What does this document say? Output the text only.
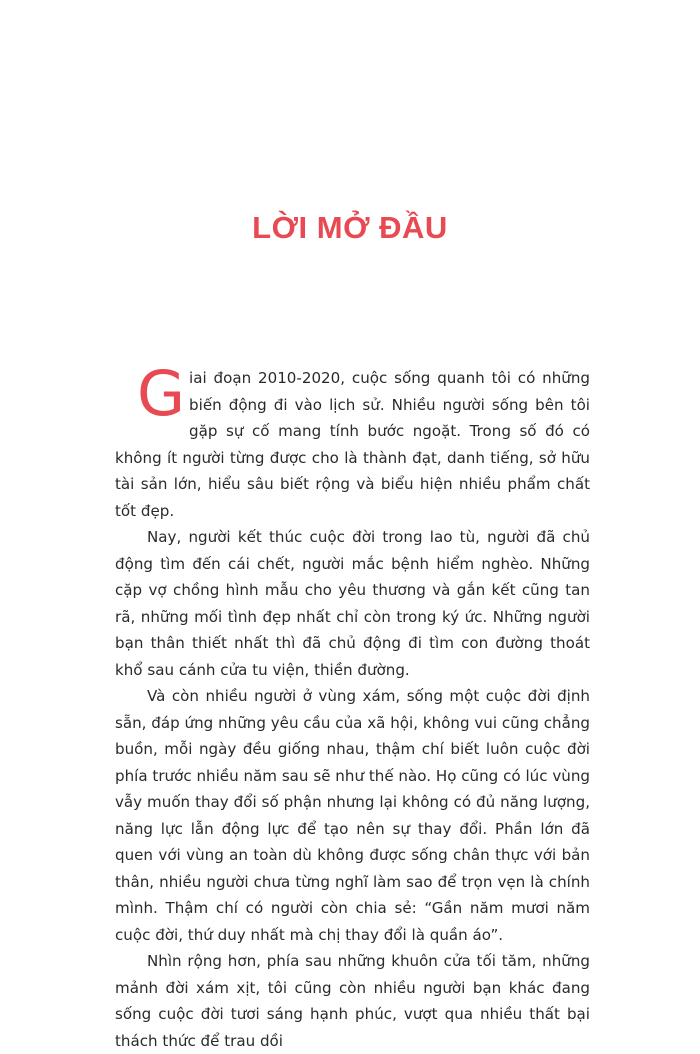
LỜI MỞ ĐẦU

Giai đoạn 2010-2020, cuộc sống quanh tôi có những biến động đi vào lịch sử. Nhiều người sống bên tôi gặp sự cố mang tính bước ngoặt. Trong số đó có không ít người từng được cho là thành đạt, danh tiếng, sở hữu tài sản lớn, hiểu sâu biết rộng và biểu hiện nhiều phẩm chất tốt đẹp.

Nay, người kết thúc cuộc đời trong lao tù, người đã chủ động tìm đến cái chết, người mắc bệnh hiểm nghèo. Những cặp vợ chồng hình mẫu cho yêu thương và gắn kết cũng tan rã, những mối tình đẹp nhất chỉ còn trong ký ức. Những người bạn thân thiết nhất thì đã chủ động đi tìm con đường thoát khổ sau cánh cửa tu viện, thiền đường.

Và còn nhiều người ở vùng xám, sống một cuộc đời định sẵn, đáp ứng những yêu cầu của xã hội, không vui cũng chẳng buồn, mỗi ngày đều giống nhau, thậm chí biết luôn cuộc đời phía trước nhiều năm sau sẽ như thế nào. Họ cũng có lúc vùng vẫy muốn thay đổi số phận nhưng lại không có đủ năng lượng, năng lực lẫn động lực để tạo nên sự thay đổi. Phần lớn đã quen với vùng an toàn dù không được sống chân thực với bản thân, nhiều người chưa từng nghĩ làm sao để trọn vẹn là chính mình. Thậm chí có người còn chia sẻ: “Gần năm mươi năm cuộc đời, thứ duy nhất mà chị thay đổi là quần áo”.

Nhìn rộng hơn, phía sau những khuôn cửa tối tăm, những mảnh đời xám xịt, tôi cũng còn nhiều người bạn khác đang sống cuộc đời tươi sáng hạnh phúc, vượt qua nhiều thất bại thách thức để trau dồi
